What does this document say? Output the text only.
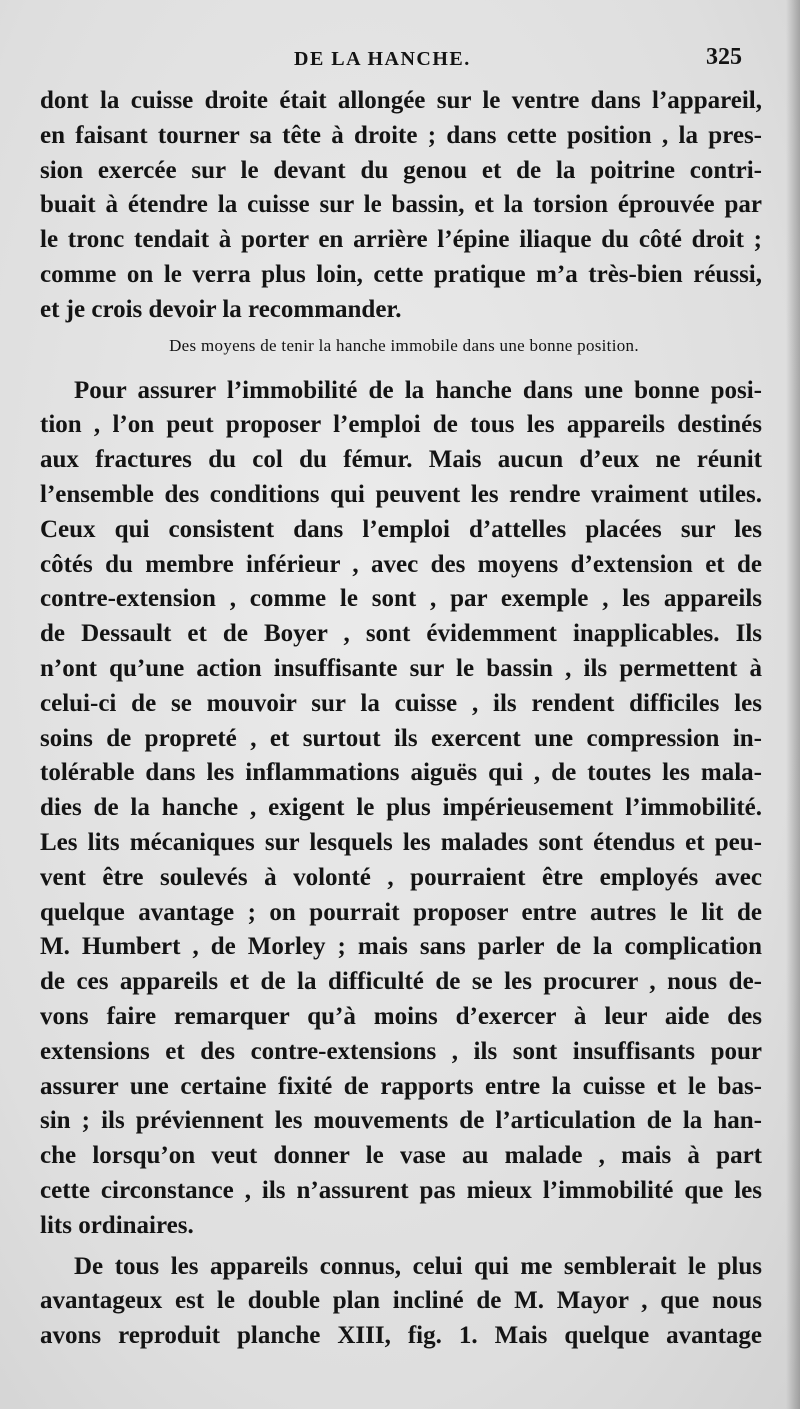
DE LA HANCHE.	325

dont la cuisse droite était allongée sur le ventre dans l’appareil,
en faisant tourner sa tête à droite ; dans cette position , la pres-
sion exercée sur le devant du genou et de la poitrine contri-
buait à étendre la cuisse sur le bassin, et la torsion éprouvée par
le tronc tendait à porter en arrière l’épine iliaque du côté droit ;
comme on le verra plus loin, cette pratique m’a très-bien réussi,
et je crois devoir la recommander.

Des moyens de tenir la hanche immobile dans une bonne position.

Pour assurer l’immobilité de la hanche dans une bonne posi-
tion , l’on peut proposer l’emploi de tous les appareils destinés
aux fractures du col du fémur. Mais aucun d’eux ne réunit
l’ensemble des conditions qui peuvent les rendre vraiment utiles.
Ceux qui consistent dans l’emploi d’attelles placées sur les
côtés du membre inférieur , avec des moyens d’extension et de
contre-extension , comme le sont , par exemple , les appareils
de Dessault et de Boyer , sont évidemment inapplicables. Ils
n’ont qu’une action insuffisante sur le bassin , ils permettent à
celui-ci de se mouvoir sur la cuisse , ils rendent difficiles les
soins de propreté , et surtout ils exercent une compression in-
tolérable dans les inflammations aiguës qui , de toutes les mala-
dies de la hanche , exigent le plus impérieusement l’immobilité.
Les lits mécaniques sur lesquels les malades sont étendus et peu-
vent être soulevés à volonté , pourraient être employés avec
quelque avantage ; on pourrait proposer entre autres le lit de
M. Humbert , de Morley ; mais sans parler de la complication
de ces appareils et de la difficulté de se les procurer , nous de-
vons faire remarquer qu’à moins d’exercer à leur aide des
extensions et des contre-extensions , ils sont insuffisants pour
assurer une certaine fixité de rapports entre la cuisse et le bas-
sin ; ils préviennent les mouvements de l’articulation de la han-
che lorsqu’on veut donner le vase au malade , mais à part
cette circonstance , ils n’assurent pas mieux l’immobilité que les
lits ordinaires.

De tous les appareils connus, celui qui me semblerait le plus
avantageux est le double plan incliné de M. Mayor , que nous
avons reproduit planche XIII, fig. 1. Mais quelque avantage
